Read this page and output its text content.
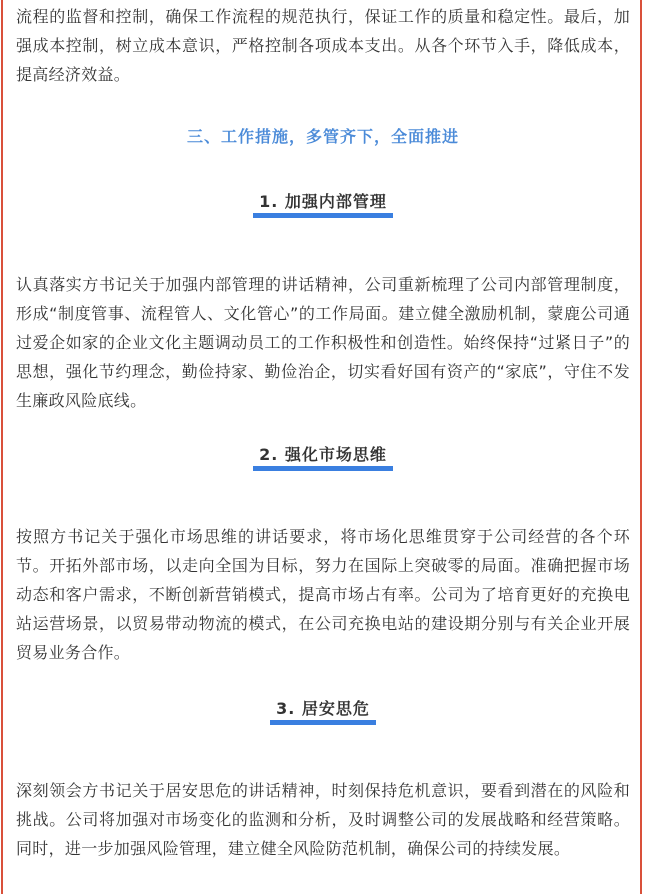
流程的监督和控制，确保工作流程的规范执行，保证工作的质量和稳定性。最后，加强成本控制，树立成本意识，严格控制各项成本支出。从各个环节入手，降低成本，提高经济效益。

三、工作措施，多管齐下，全面推进
1. 加强内部管理

认真落实方书记关于加强内部管理的讲话精神，公司重新梳理了公司内部管理制度，形成“制度管事、流程管人、文化管心”的工作局面。建立健全激励机制，蒙鹿公司通过爱企如家的企业文化主题调动员工的工作积极性和创造性。始终保持“过紧日子”的思想，强化节约理念，勤俭持家、勤俭治企，切实看好国有资产的“家底”，守住不发生廉政风险底线。

2. 强化市场思维

按照方书记关于强化市场思维的讲话要求，将市场化思维贯穿于公司经营的各个环节。开拓外部市场，以走向全国为目标，努力在国际上突破零的局面。准确把握市场动态和客户需求，不断创新营销模式，提高市场占有率。公司为了培育更好的充换电站运营场景，以贸易带动物流的模式，在公司充换电站的建设期分别与有关企业开展贸易业务合作。

3. 居安思危

深刻领会方书记关于居安思危的讲话精神，时刻保持危机意识，要看到潜在的风险和挑战。公司将加强对市场变化的监测和分析，及时调整公司的发展战略和经营策略。同时，进一步加强风险管理，建立健全风险防范机制，确保公司的持续发展。
